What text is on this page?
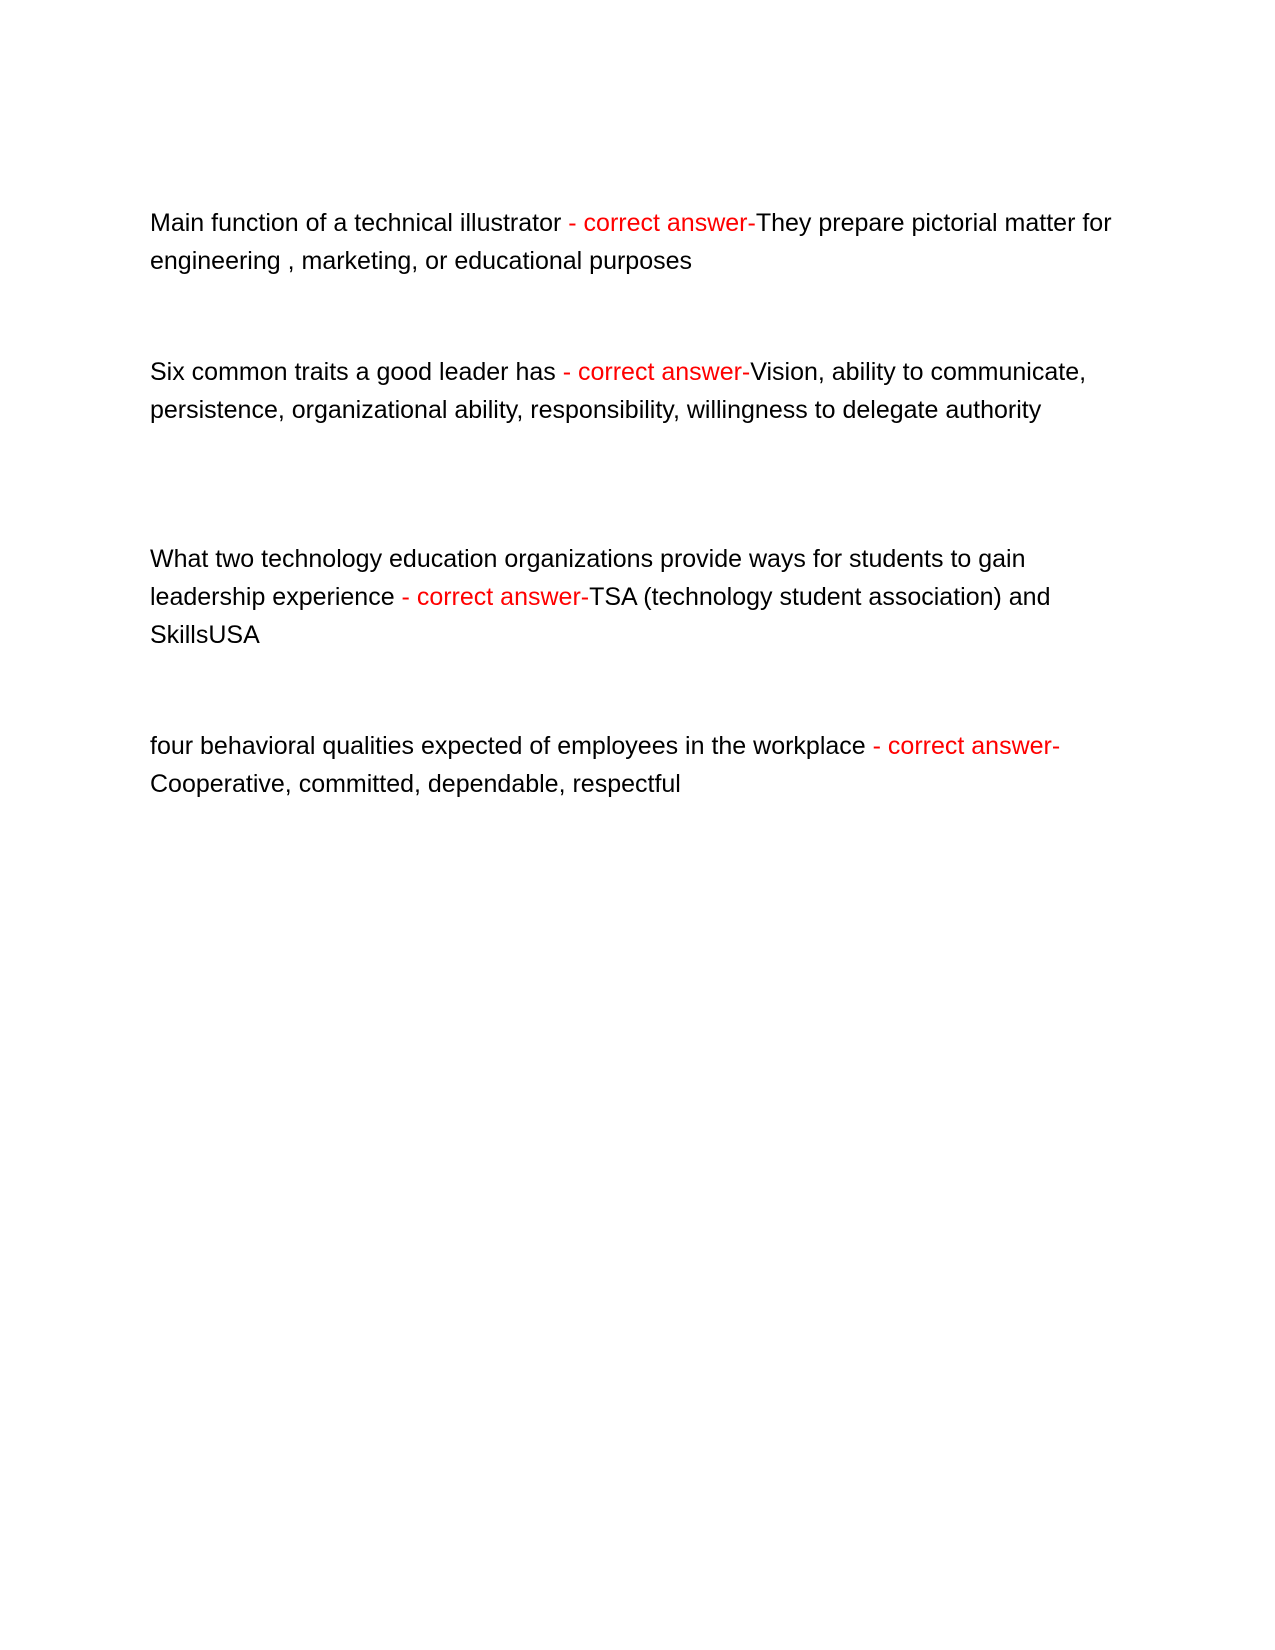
Main function of a technical illustrator - correct answer-They prepare pictorial matter for engineering , marketing, or educational purposes
Six common traits a good leader has - correct answer-Vision, ability to communicate, persistence, organizational ability, responsibility, willingness to delegate authority
What two technology education organizations provide ways for students to gain leadership experience - correct answer-TSA (technology student association) and SkillsUSA
four behavioral qualities expected of employees in the workplace - correct answer-Cooperative, committed, dependable, respectful
